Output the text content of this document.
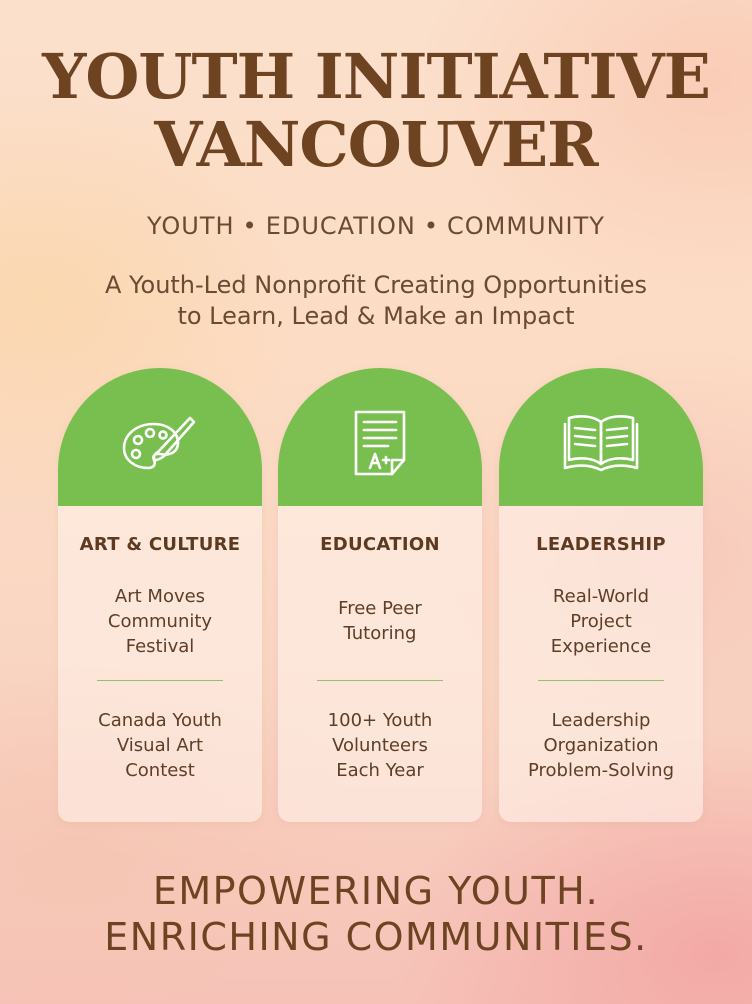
YOUTH INITIATIVE
VANCOUVER
YOUTH • EDUCATION • COMMUNITY
A Youth-Led Nonprofit Creating Opportunities
to Learn, Lead & Make an Impact
ART & CULTURE
Art Moves
Community
Festival
Canada Youth
Visual Art
Contest
EDUCATION
Free Peer
Tutoring
100+ Youth
Volunteers
Each Year
LEADERSHIP
Real-World
Project
Experience
Leadership
Organization
Problem-Solving
EMPOWERING YOUTH.
ENRICHING COMMUNITIES.
